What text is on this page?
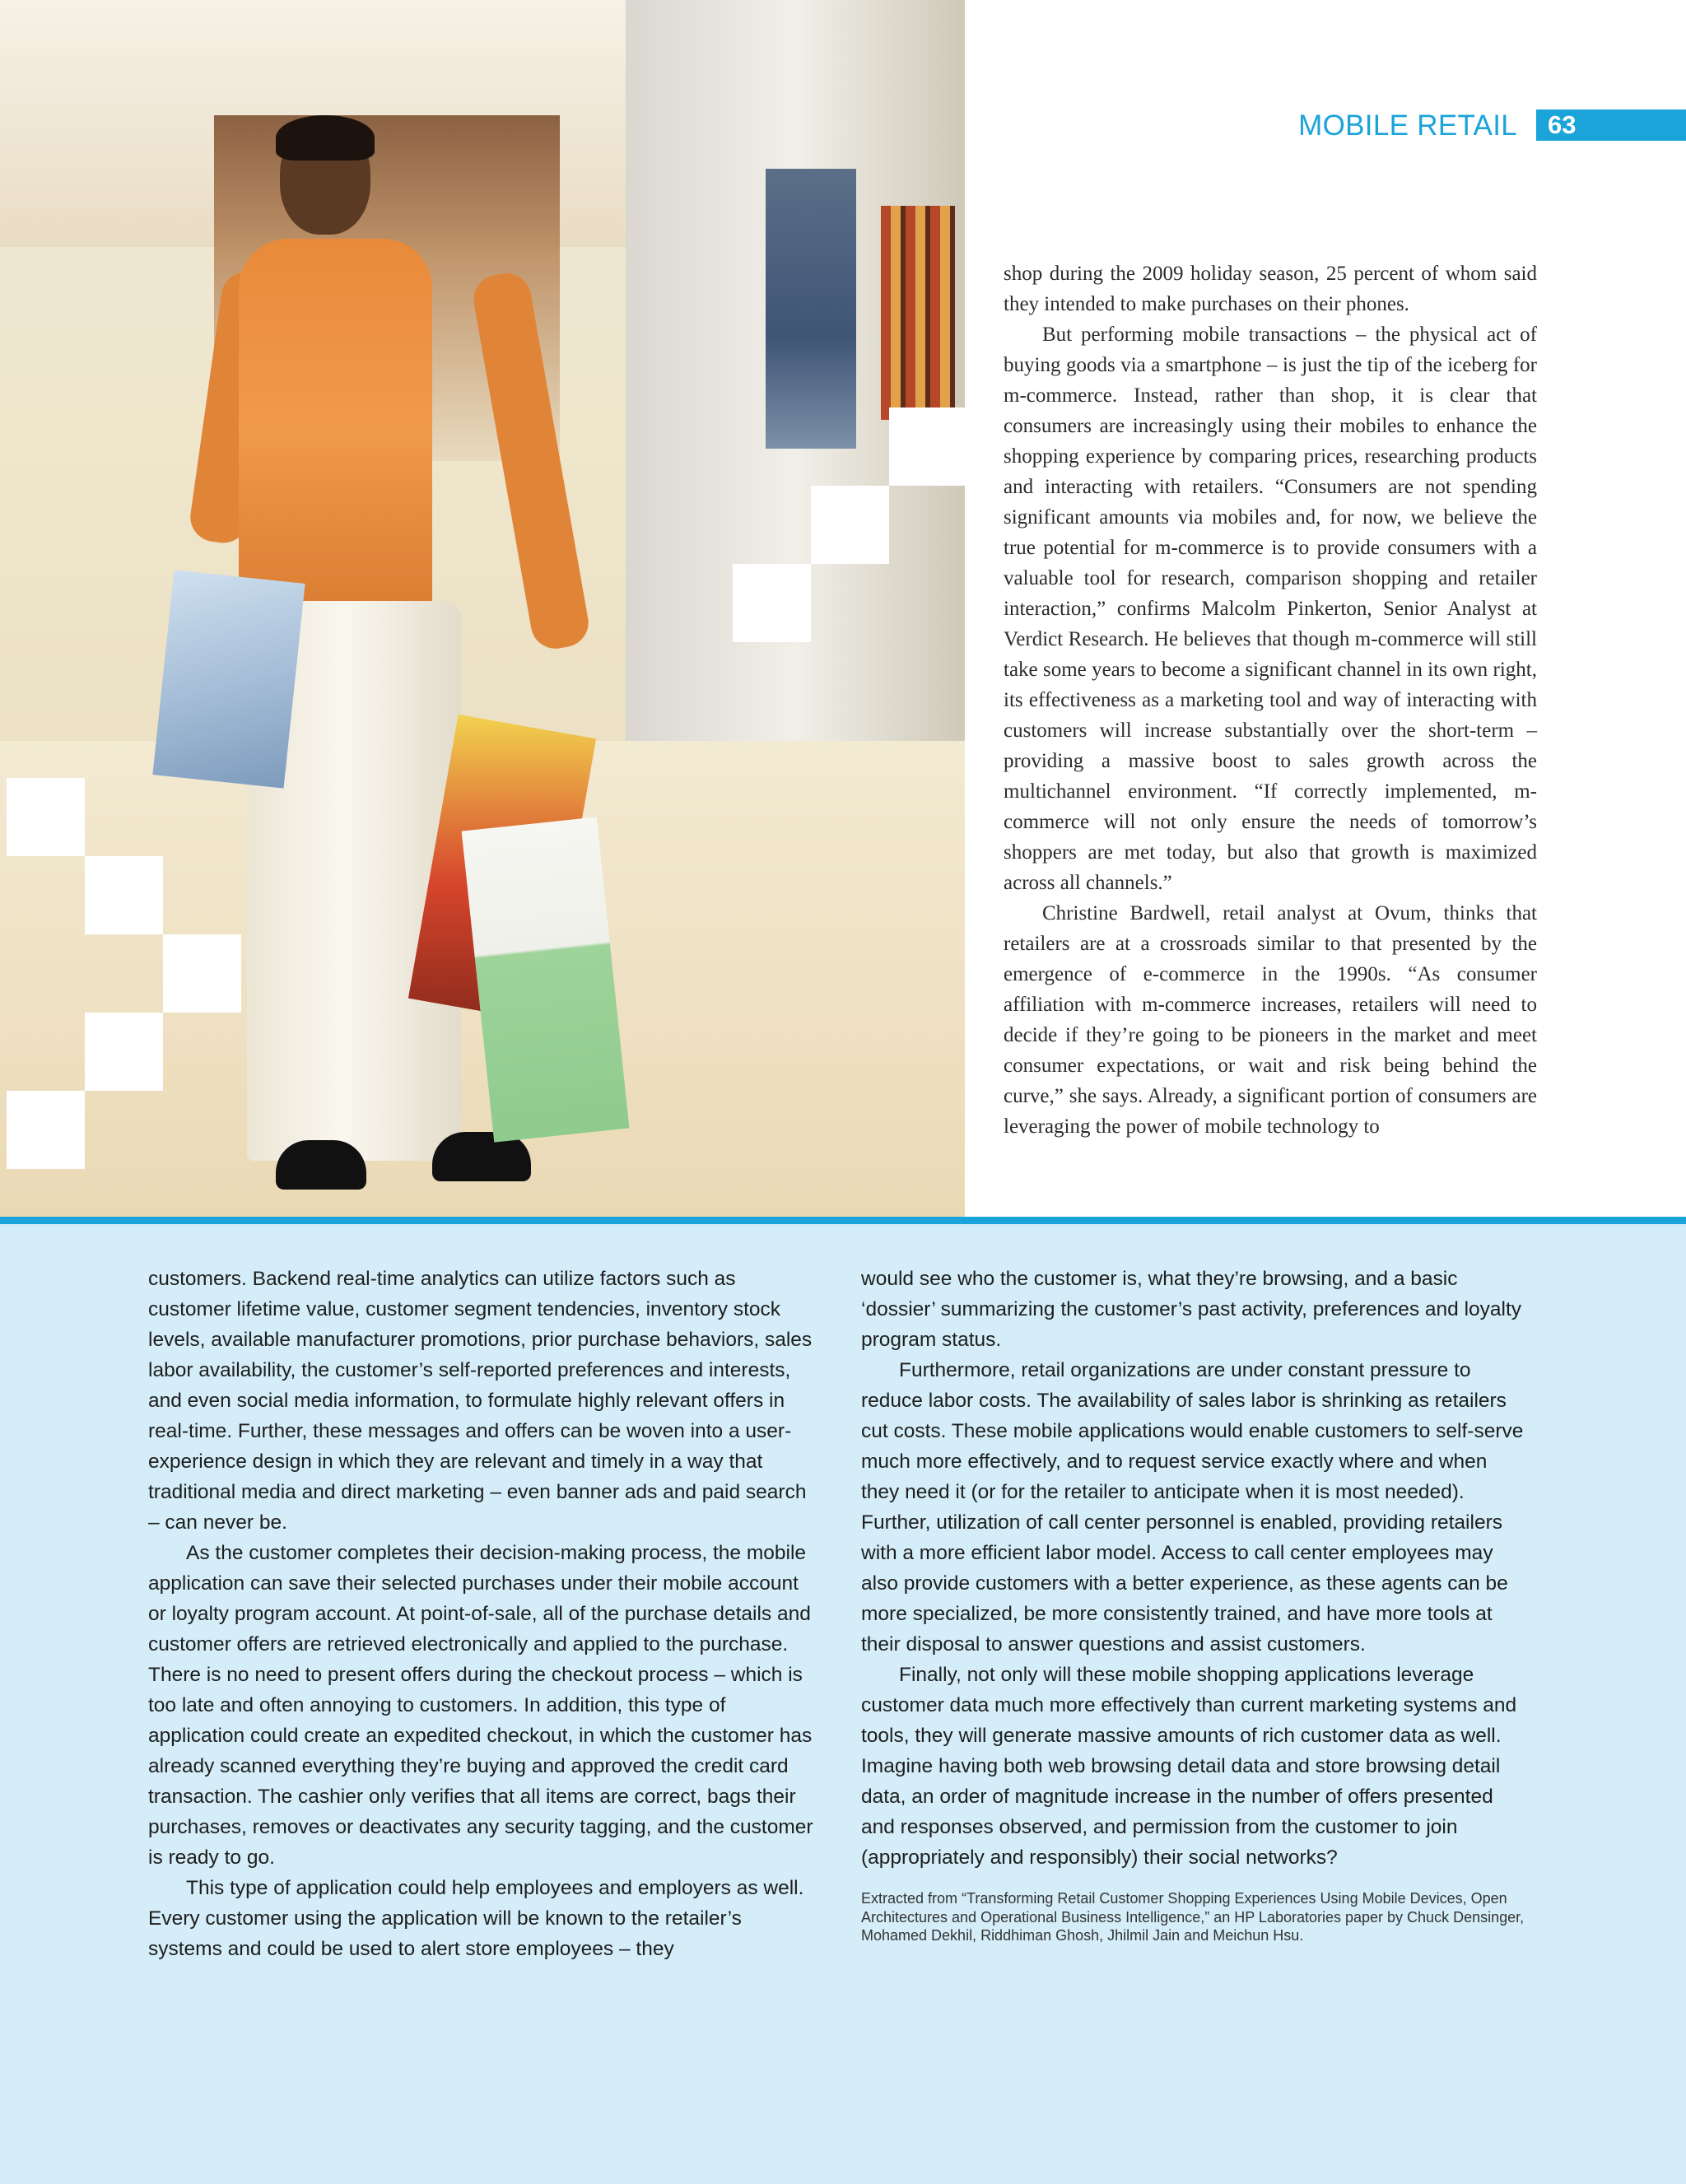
MOBILE RETAIL	63

shop during the 2009 holiday season, 25 percent of whom said they intended to make purchases on their phones.

But performing mobile transactions – the physical act of buying goods via a smartphone – is just the tip of the iceberg for m-commerce. Instead, rather than shop, it is clear that consumers are increasingly using their mobiles to enhance the shopping experience by comparing prices, researching products and interacting with retailers. “Consumers are not spending significant amounts via mobiles and, for now, we believe the true potential for m-commerce is to provide consumers with a valuable tool for research, comparison shopping and retailer interaction,” confirms Malcolm Pinkerton, Senior Analyst at Verdict Research. He believes that though m-commerce will still take some years to become a significant channel in its own right, its effectiveness as a marketing tool and way of interacting with customers will increase substantially over the short-term – providing a massive boost to sales growth across the multichannel environment. “If correctly implemented, m-commerce will not only ensure the needs of tomorrow’s shoppers are met today, but also that growth is maximized across all channels.”

Christine Bardwell, retail analyst at Ovum, thinks that retailers are at a crossroads similar to that presented by the emergence of e-commerce in the 1990s. “As consumer affiliation with m-commerce increases, retailers will need to decide if they’re going to be pioneers in the market and meet consumer expectations, or wait and risk being behind the curve,” she says. Already, a significant portion of consumers are leveraging the power of mobile technology to

customers. Backend real-time analytics can utilize factors such as customer lifetime value, customer segment tendencies, inventory stock levels, available manufacturer promotions, prior purchase behaviors, sales labor availability, the customer’s self-reported preferences and interests, and even social media information, to formulate highly relevant offers in real-time. Further, these messages and offers can be woven into a user-experience design in which they are relevant and timely in a way that traditional media and direct marketing – even banner ads and paid search – can never be.

As the customer completes their decision-making process, the mobile application can save their selected purchases under their mobile account or loyalty program account. At point-of-sale, all of the purchase details and customer offers are retrieved electronically and applied to the purchase. There is no need to present offers during the checkout process – which is too late and often annoying to customers. In addition, this type of application could create an expedited checkout, in which the customer has already scanned everything they’re buying and approved the credit card transaction. The cashier only verifies that all items are correct, bags their purchases, removes or deactivates any security tagging, and the customer is ready to go.

This type of application could help employees and employers as well. Every customer using the application will be known to the retailer’s systems and could be used to alert store employees – they

would see who the customer is, what they’re browsing, and a basic ‘dossier’ summarizing the customer’s past activity, preferences and loyalty program status.

Furthermore, retail organizations are under constant pressure to reduce labor costs. The availability of sales labor is shrinking as retailers cut costs. These mobile applications would enable customers to self-serve much more effectively, and to request service exactly where and when they need it (or for the retailer to anticipate when it is most needed). Further, utilization of call center personnel is enabled, providing retailers with a more efficient labor model. Access to call center employees may also provide customers with a better experience, as these agents can be more specialized, be more consistently trained, and have more tools at their disposal to answer questions and assist customers.

Finally, not only will these mobile shopping applications leverage customer data much more effectively than current marketing systems and tools, they will generate massive amounts of rich customer data as well. Imagine having both web browsing detail data and store browsing detail data, an order of magnitude increase in the number of offers presented and responses observed, and permission from the customer to join (appropriately and responsibly) their social networks?

Extracted from “Transforming Retail Customer Shopping Experiences Using Mobile Devices, Open Architectures and Operational Business Intelligence,” an HP Laboratories paper by Chuck Densinger, Mohamed Dekhil, Riddhiman Ghosh, Jhilmil Jain and Meichun Hsu.
